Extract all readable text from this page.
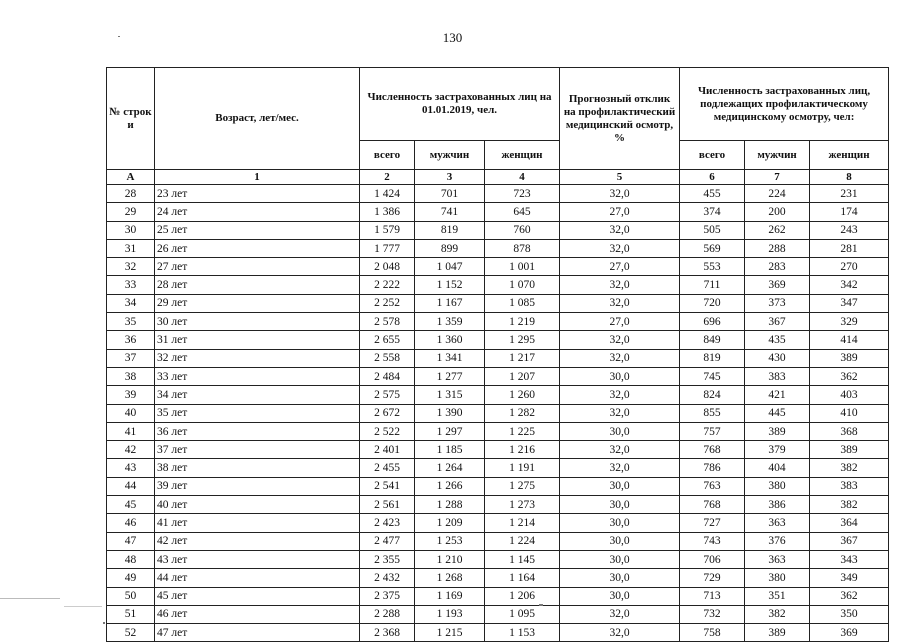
130
№ строк и	Возраст, лет/мес.	Численность застрахованных лиц на 01.01.2019, чел.			Прогнозный отклик на профилактический медицинский осмотр, %	Численность застрахованных лиц, подлежащих профилактическому медицинскому осмотру, чел:		
		всего	мужчин	женщин		всего	мужчин	женщин
А	1	2	3	4	5	6	7	8
28	23 лет	1 424	701	723	32,0	455	224	231
29	24 лет	1 386	741	645	27,0	374	200	174
30	25 лет	1 579	819	760	32,0	505	262	243
31	26 лет	1 777	899	878	32,0	569	288	281
32	27 лет	2 048	1 047	1 001	27,0	553	283	270
33	28 лет	2 222	1 152	1 070	32,0	711	369	342
34	29 лет	2 252	1 167	1 085	32,0	720	373	347
35	30 лет	2 578	1 359	1 219	27,0	696	367	329
36	31 лет	2 655	1 360	1 295	32,0	849	435	414
37	32 лет	2 558	1 341	1 217	32,0	819	430	389
38	33 лет	2 484	1 277	1 207	30,0	745	383	362
39	34 лет	2 575	1 315	1 260	32,0	824	421	403
40	35 лет	2 672	1 390	1 282	32,0	855	445	410
41	36 лет	2 522	1 297	1 225	30,0	757	389	368
42	37 лет	2 401	1 185	1 216	32,0	768	379	389
43	38 лет	2 455	1 264	1 191	32,0	786	404	382
44	39 лет	2 541	1 266	1 275	30,0	763	380	383
45	40 лет	2 561	1 288	1 273	30,0	768	386	382
46	41 лет	2 423	1 209	1 214	30,0	727	363	364
47	42 лет	2 477	1 253	1 224	30,0	743	376	367
48	43 лет	2 355	1 210	1 145	30,0	706	363	343
49	44 лет	2 432	1 268	1 164	30,0	729	380	349
50	45 лет	2 375	1 169	1 206	30,0	713	351	362
51	46 лет	2 288	1 193	1 095	32,0	732	382	350
52	47 лет	2 368	1 215	1 153	32,0	758	389	369
